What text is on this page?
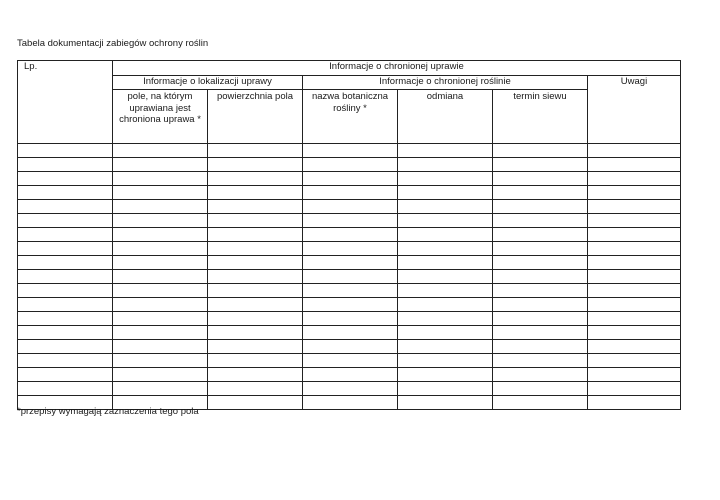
Tabela dokumentacji zabiegów ochrony roślin
Lp.	Informacje o chronionej uprawie					
	Informacje o lokalizacji uprawy		Informacje o chronionej roślinie			Uwagi
	pole, na którym uprawiana jest chroniona uprawa *	powierzchnia pola	nazwa botaniczna rośliny *	odmiana	termin siewu	

*przepisy wymagają zaznaczenia tego pola
